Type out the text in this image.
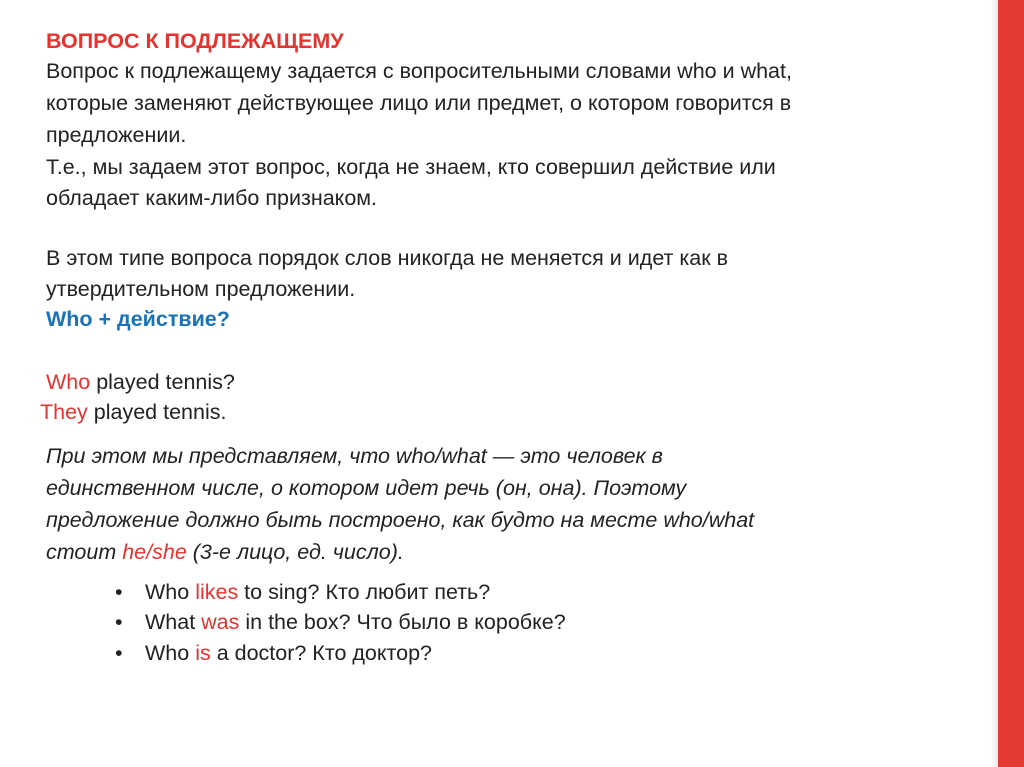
ВОПРОС К ПОДЛЕЖАЩЕМУ
Вопрос к подлежащему задается с вопросительными словами who и what,
которые заменяют действующее лицо или предмет, о котором говорится в
предложении.
Т.е., мы задаем этот вопрос, когда не знаем, кто совершил действие или
обладает каким-либо признаком.
В этом типе вопроса порядок слов никогда не меняется и идет как в
утвердительном предложении.
Who + действие?
Who played tennis?
They played tennis.
При этом мы представляем, что who/what — это человек в
единственном числе, о котором идет речь (он, она). Поэтому
предложение должно быть построено, как будто на месте who/what
стоит he/she (3-е лицо, ед. число).
• Who likes to sing? Кто любит петь?
• What was in the box? Что было в коробке?
• Who is a doctor? Кто доктор?
